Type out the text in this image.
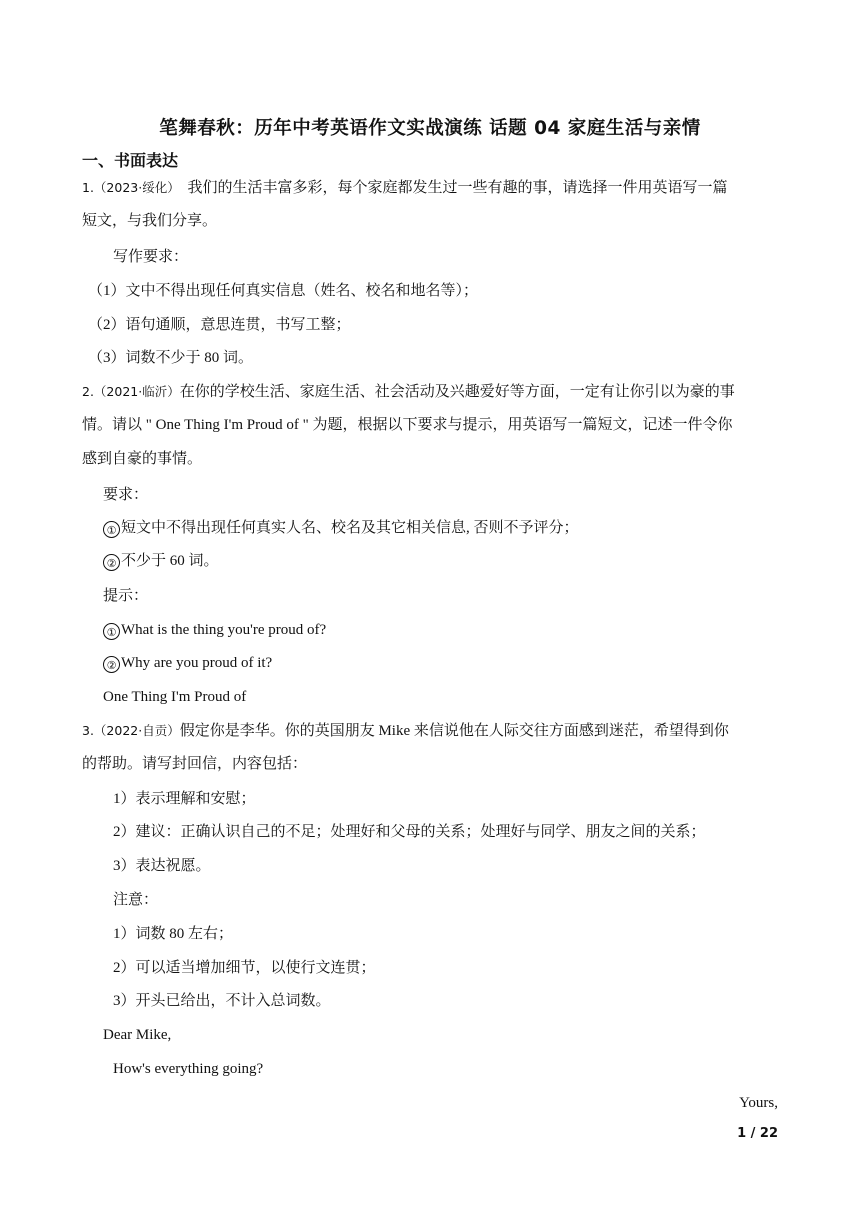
笔舞春秋：历年中考英语作文实战演练 话题 04 家庭生活与亲情
一、书面表达
1.（2023·绥化） 我们的生活丰富多彩，每个家庭都发生过一些有趣的事，请选择一件用英语写一篇
短文，与我们分享。
写作要求：
（1）文中不得出现任何真实信息（姓名、校名和地名等）；
（2）语句通顺，意思连贯，书写工整；
（3）词数不少于 80 词。
2.（2021·临沂）在你的学校生活、家庭生活、社会活动及兴趣爱好等方面，一定有让你引以为豪的事
情。请以 " One Thing I'm Proud of " 为题，根据以下要求与提示，用英语写一篇短文，记述一件令你
感到自豪的事情。
要求：
① 短文中不得出现任何真实人名、校名及其它相关信息, 否则不予评分；
② 不少于 60 词。
提示：
① What is the thing you're proud of?
② Why are you proud of it?
One Thing I'm Proud of
3.（2022·自贡）假定你是李华。你的英国朋友 Mike 来信说他在人际交往方面感到迷茫，希望得到你
的帮助。请写封回信，内容包括：
1）表示理解和安慰；
2）建议：正确认识自己的不足；处理好和父母的关系；处理好与同学、朋友之间的关系；
3）表达祝愿。
注意：
1）词数 80 左右；
2）可以适当增加细节，以使行文连贯；
3）开头已给出，不计入总词数。
Dear Mike,
How's everything going?
Yours,
1 / 22
